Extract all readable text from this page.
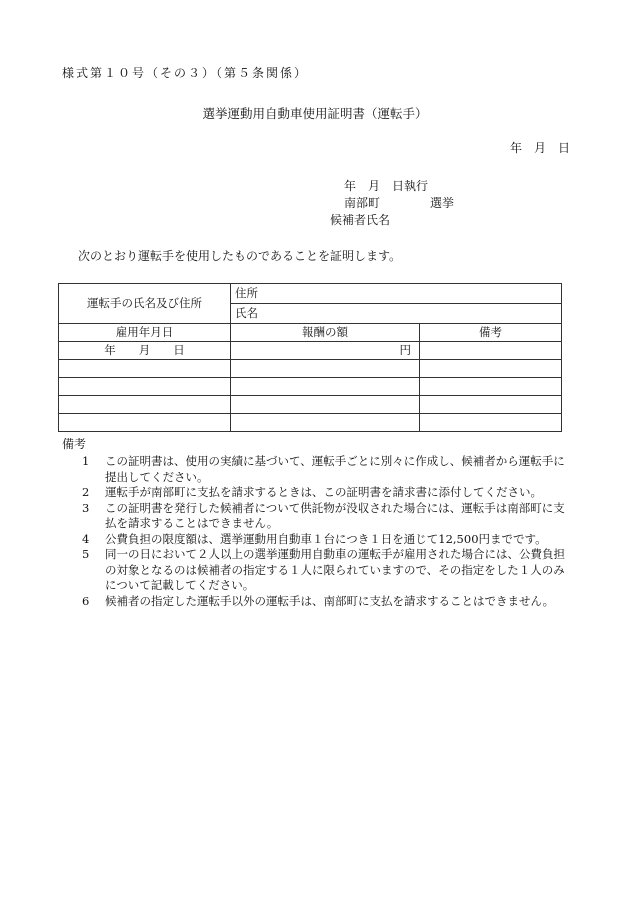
様式第１０号（その３）（第５条関係）
選挙運動用自動車使用証明書（運転手）
年　月　日
年　月　日執行
南部町	選挙
候補者氏名
次のとおり運転手を使用したものであることを証明します。
運転手の氏名及び住所	住所	
	氏名	
雇用年月日	報酬の額	備考
年　　月　　日	円	

備考

1	この証明書は、使用の実績に基づいて、運転手ごとに別々に作成し、候補者から運転手に提出してください。

2	運転手が南部町に支払を請求するときは、この証明書を請求書に添付してください。

3	この証明書を発行した候補者について供託物が没収された場合には、運転手は南部町に支払を請求することはできません。

4	公費負担の限度額は、選挙運動用自動車１台につき１日を通じて12,500円までです。

5	同一の日において２人以上の選挙運動用自動車の運転手が雇用された場合には、公費負担の対象となるのは候補者の指定する１人に限られていますので、その指定をした１人のみについて記載してください。

6	候補者の指定した運転手以外の運転手は、南部町に支払を請求することはできません。
